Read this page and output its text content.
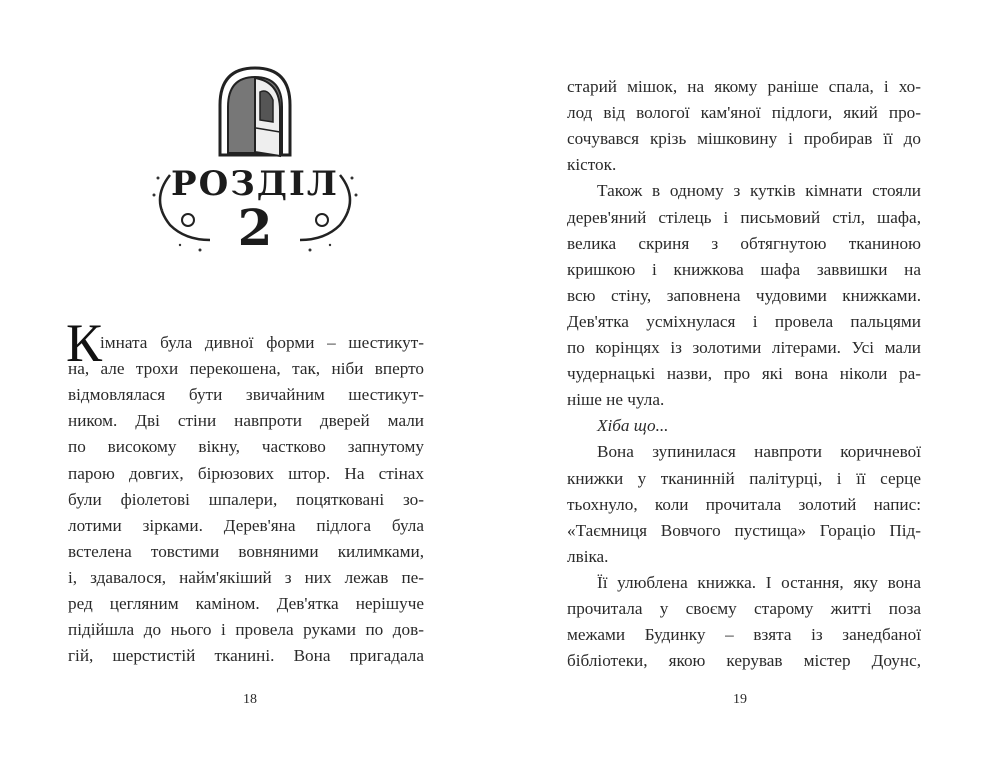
РОЗДІЛ
2
К
імната була дивної форми – шестикут-
на, але трохи перекошена, так, ніби вперто
відмовлялася бути звичайним шестикут-
ником. Дві стіни навпроти дверей мали
по високому вікну, частково запнутому
парою довгих, бірюзових штор. На стінах
були фіолетові шпалери, поцятковані зо-
лотими зірками. Дерев'яна підлога була
встелена товстими вовняними килимками,
і, здавалося, найм'якіший з них лежав пе-
ред цегляним каміном. Дев'ятка нерішуче
підійшла до нього і провела руками по дов-
гій, шерстистій тканині. Вона пригадала
18
старий мішок, на якому раніше спала, і хо-
лод від вологої кам'яної підлоги, який про-
сочувався крізь мішковину і пробирав її до
кісток.
Також в одному з кутків кімнати стояли
дерев'яний стілець і письмовий стіл, шафа,
велика скриня з обтягнутою тканиною
кришкою і книжкова шафа заввишки на
всю стіну, заповнена чудовими книжками.
Дев'ятка усміхнулася і провела пальцями
по корінцях із золотими літерами. Усі мали
чудернацькі назви, про які вона ніколи ра-
ніше не чула.
Хіба що...
Вона зупинилася навпроти коричневої
книжки у тканинній палітурці, і її серце
тьохнуло, коли прочитала золотий напис:
«Таємниця Вовчого пустища» Гораціо Під-
лвіка.
Її улюблена книжка. І остання, яку вона
прочитала у своєму старому житті поза
межами Будинку – взята із занедбаної
бібліотеки, якою керував містер Доунс,
19
